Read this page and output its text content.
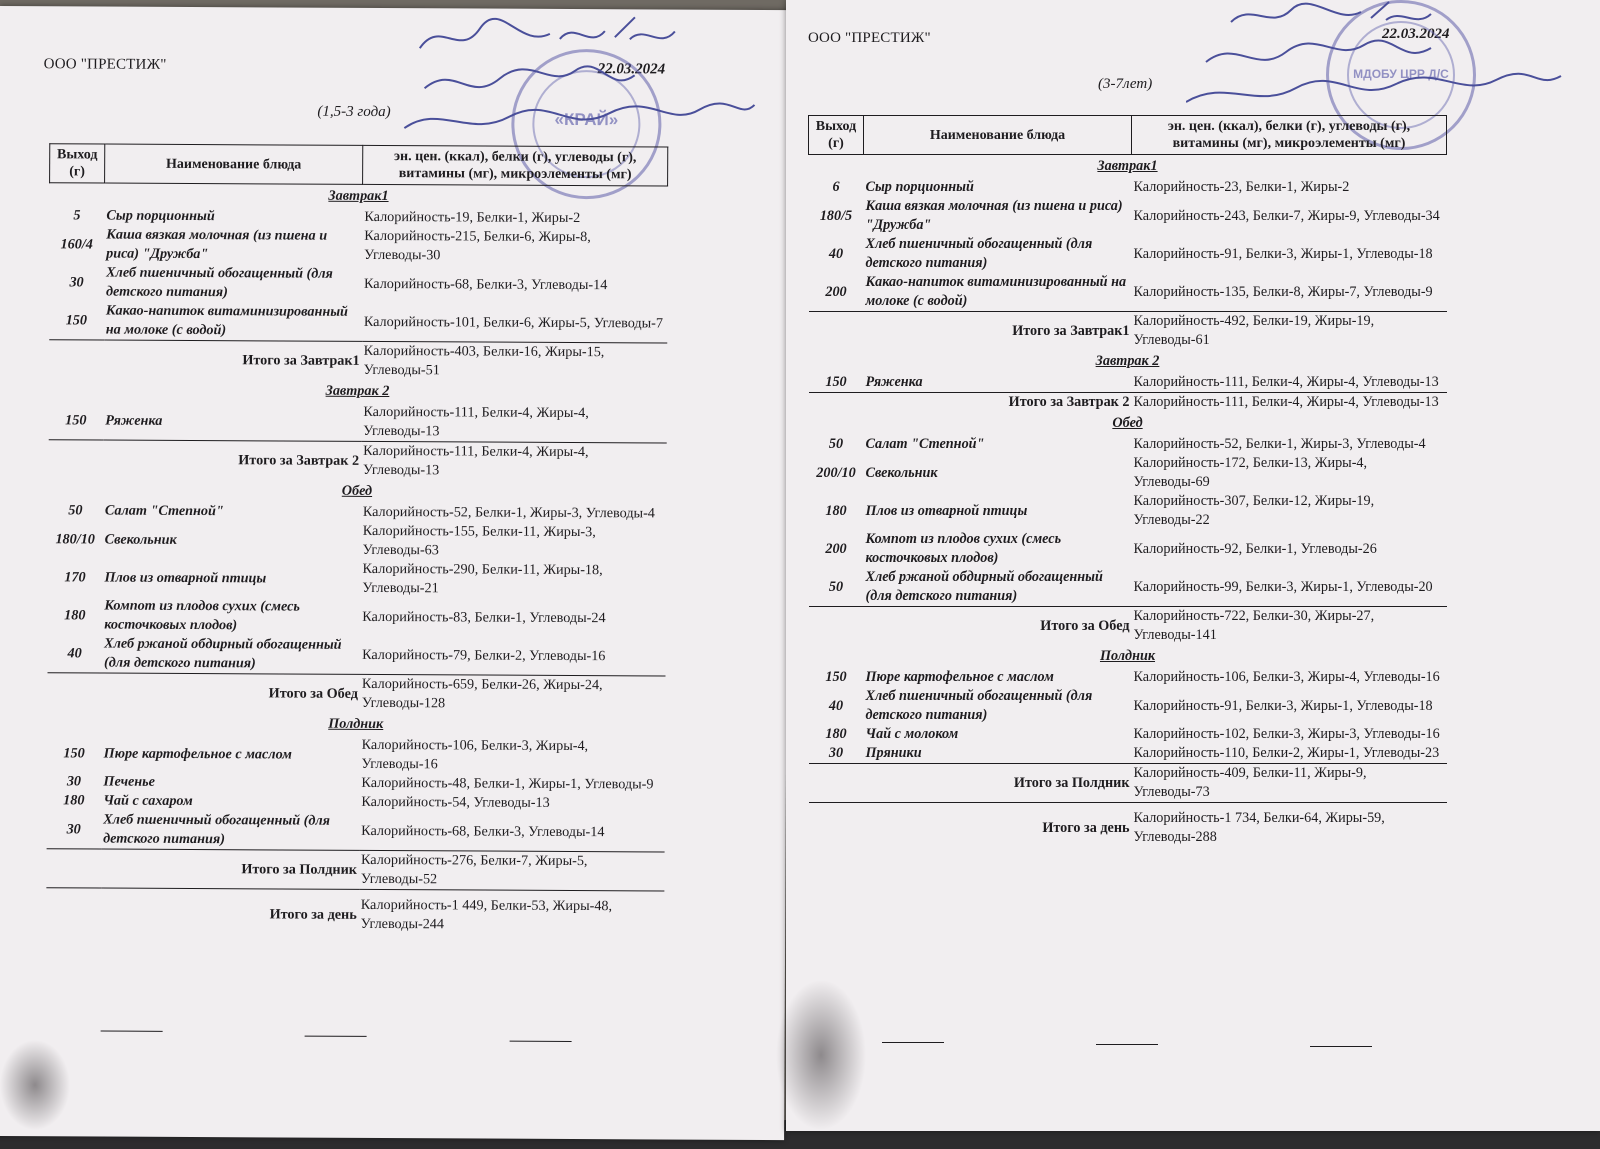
ООО "ПРЕСТИЖ"	22.03.2024
(1,5-3 года)	«КРАЙ»
Выход (г)	Наименование блюда	эн. цен. (ккал), белки (г), углеводы (г), витамины (мг), микроэлементы (мг)
Завтрак1		
5	Сыр порционный	Калорийность-19, Белки-1, Жиры-2
160/4	Каша вязкая молочная (из пшена и риса) "Дружба"	Калорийность-215, Белки-6, Жиры-8, Углеводы-30
30	Хлеб пшеничный обогащенный (для детского питания)	Калорийность-68, Белки-3, Углеводы-14
150	Какао-напиток витаминизированный на молоке (с водой)	Калорийность-101, Белки-6, Жиры-5, Углеводы-7
Итого за Завтрак1		Калорийность-403, Белки-16, Жиры-15, Углеводы-51
Завтрак 2		
150	Ряженка	Калорийность-111, Белки-4, Жиры-4, Углеводы-13
Итого за Завтрак 2		Калорийность-111, Белки-4, Жиры-4, Углеводы-13
Обед		
50	Салат "Степной"	Калорийность-52, Белки-1, Жиры-3, Углеводы-4
180/10	Свекольник	Калорийность-155, Белки-11, Жиры-3, Углеводы-63
170	Плов из отварной птицы	Калорийность-290, Белки-11, Жиры-18, Углеводы-21
180	Компот из плодов сухих (смесь косточковых плодов)	Калорийность-83, Белки-1, Углеводы-24
40	Хлеб ржаной обдирный обогащенный (для детского питания)	Калорийность-79, Белки-2, Углеводы-16
Итого за Обед		Калорийность-659, Белки-26, Жиры-24, Углеводы-128
Полдник		
150	Пюре картофельное с маслом	Калорийность-106, Белки-3, Жиры-4, Углеводы-16
30	Печенье	Калорийность-48, Белки-1, Жиры-1, Углеводы-9
180	Чай с сахаром	Калорийность-54, Углеводы-13
30	Хлеб пшеничный обогащенный (для детского питания)	Калорийность-68, Белки-3, Углеводы-14
Итого за Полдник		Калорийность-276, Белки-7, Жиры-5, Углеводы-52
Итого за день		Калорийность-1 449, Белки-53, Жиры-48, Углеводы-244
ООО "ПРЕСТИЖ"	22.03.2024
(3-7лет)
МДОБУ ЦРР Д/С
Выход (г)	Наименование блюда	эн. цен. (ккал), белки (г), углеводы (г), витамины (мг), микроэлементы (мг)
Завтрак1		
6	Сыр порционный	Калорийность-23, Белки-1, Жиры-2
180/5	Каша вязкая молочная (из пшена и риса) "Дружба"	Калорийность-243, Белки-7, Жиры-9, Углеводы-34
40	Хлеб пшеничный обогащенный (для детского питания)	Калорийность-91, Белки-3, Жиры-1, Углеводы-18
200	Какао-напиток витаминизированный на молоке (с водой)	Калорийность-135, Белки-8, Жиры-7, Углеводы-9
Итого за Завтрак1		Калорийность-492, Белки-19, Жиры-19, Углеводы-61
Завтрак 2		
150	Ряженка	Калорийность-111, Белки-4, Жиры-4, Углеводы-13
Итого за Завтрак 2		Калорийность-111, Белки-4, Жиры-4, Углеводы-13
Обед		
50	Салат "Степной"	Калорийность-52, Белки-1, Жиры-3, Углеводы-4
200/10	Свекольник	Калорийность-172, Белки-13, Жиры-4, Углеводы-69
180	Плов из отварной птицы	Калорийность-307, Белки-12, Жиры-19, Углеводы-22
200	Компот из плодов сухих (смесь косточковых плодов)	Калорийность-92, Белки-1, Углеводы-26
50	Хлеб ржаной обдирный обогащенный (для детского питания)	Калорийность-99, Белки-3, Жиры-1, Углеводы-20
Итого за Обед		Калорийность-722, Белки-30, Жиры-27, Углеводы-141
Полдник		
150	Пюре картофельное с маслом	Калорийность-106, Белки-3, Жиры-4, Углеводы-16
40	Хлеб пшеничный обогащенный (для детского питания)	Калорийность-91, Белки-3, Жиры-1, Углеводы-18
180	Чай с молоком	Калорийность-102, Белки-3, Жиры-3, Углеводы-16
30	Пряники	Калорийность-110, Белки-2, Жиры-1, Углеводы-23
Итого за Полдник		Калорийность-409, Белки-11, Жиры-9, Углеводы-73
Итого за день		Калорийность-1 734, Белки-64, Жиры-59, Углеводы-288
